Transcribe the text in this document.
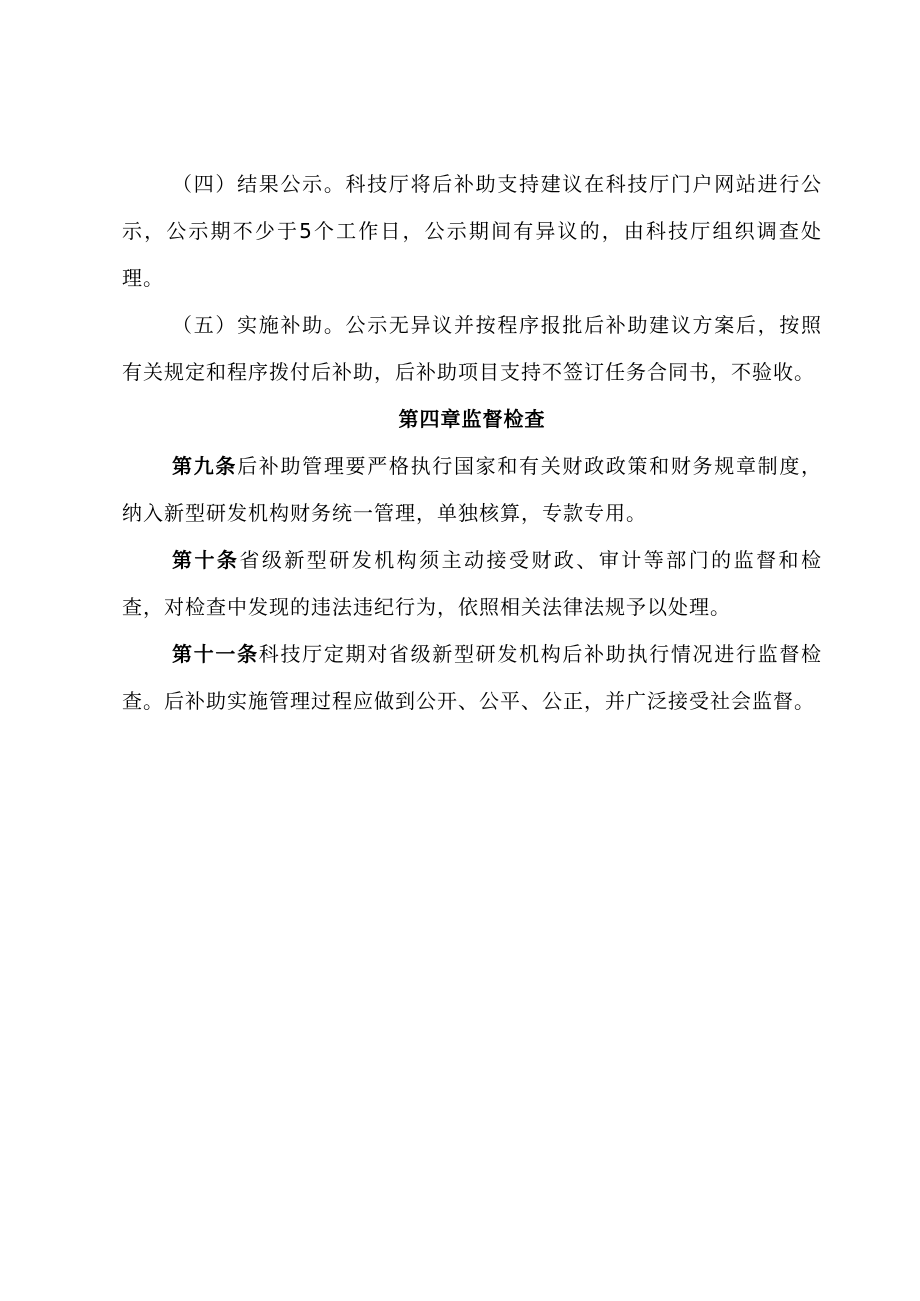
（四）结果公示。科技厅将后补助支持建议在科技厅门户网站进行公示，公示期不少于5个工作日，公示期间有异议的，由科技厅组织调查处理。

（五）实施补助。公示无异议并按程序报批后补助建议方案后，按照有关规定和程序拨付后补助，后补助项目支持不签订任务合同书，不验收。

第四章监督检查

第九条后补助管理要严格执行国家和有关财政政策和财务规章制度，纳入新型研发机构财务统一管理，单独核算，专款专用。

第十条省级新型研发机构须主动接受财政、审计等部门的监督和检查，对检查中发现的违法违纪行为，依照相关法律法规予以处理。

第十一条科技厅定期对省级新型研发机构后补助执行情况进行监督检查。后补助实施管理过程应做到公开、公平、公正，并广泛接受社会监督。
